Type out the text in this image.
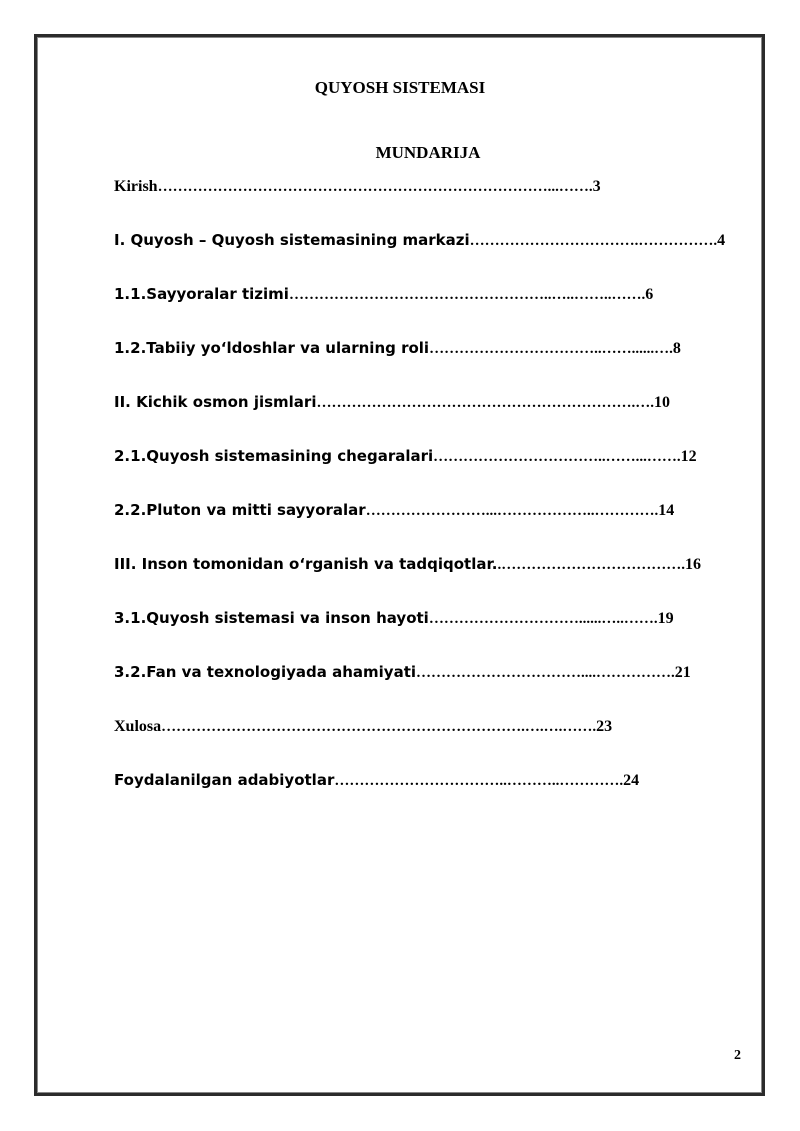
QUYOSH SISTEMASI
MUNDARIJA
Kirish……………………………………………………………………...…….3
I. Quyosh – Quyosh sistemasining markazi…………………………….…………….4
1.1.Sayyoralar tizimi……………………………………………..…..……..…….6
1.2.Tabiiy yo‘ldoshlar va ularning roli……………………………..……......….8
II. Kichik osmon jismlari……………………………………………………….….10
2.1.Quyosh sistemasining chegaralari……………………………..……...…….12
2.2.Pluton va mitti sayyoralar……………………...………………..………….14
III. Inson tomonidan o‘rganish va tadqiqotlar..……………………………….16
3.1.Quyosh sistemasi va inson hayoti…………………………......…..…….19
3.2.Fan va texnologiyada ahamiyati……………………………....…………….21
Xulosa……………………………………………………………….….….…….23
Foydalanilgan adabiyotlar……………………………..………..………….24
2
